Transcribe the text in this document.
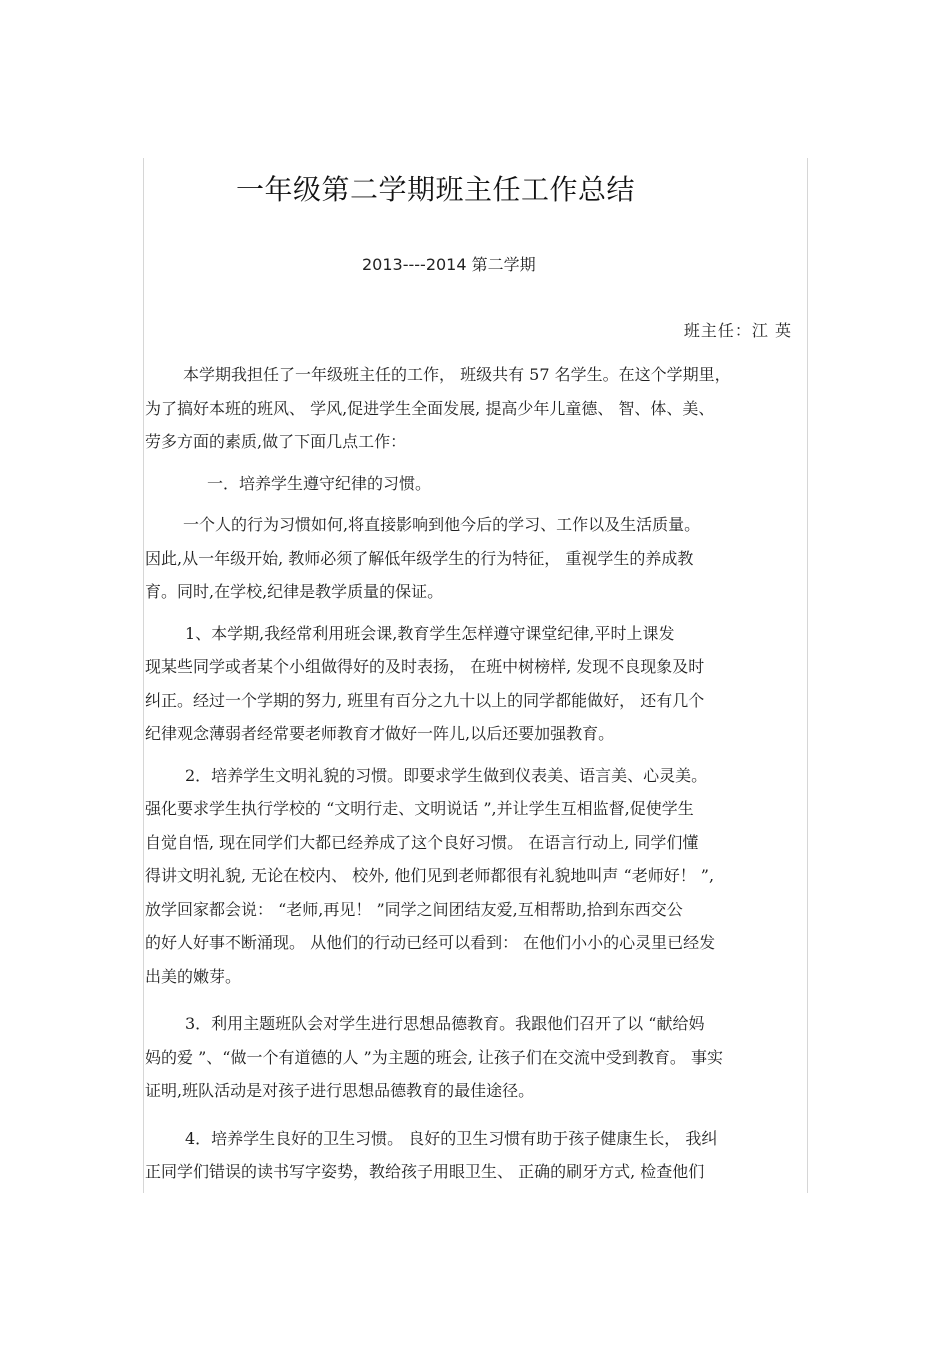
一年级第二学期班主任工作总结
2013----2014 第二学期
班主任：江 英
本学期我担任了一年级班主任的工作， 班级共有 57 名学生。在这个学期里，
为了搞好本班的班风、 学风,促进学生全面发展, 提高少年儿童德、 智、体、美、
劳多方面的素质,做了下面几点工作：
一．培养学生遵守纪律的习惯。
一个人的行为习惯如何,将直接影响到他今后的学习、工作以及生活质量。
因此,从一年级开始, 教师必须了解低年级学生的行为特征， 重视学生的养成教
育。同时,在学校,纪律是教学质量的保证。
1、本学期,我经常利用班会课,教育学生怎样遵守课堂纪律,平时上课发
现某些同学或者某个小组做得好的及时表扬， 在班中树榜样, 发现不良现象及时
纠正。经过一个学期的努力, 班里有百分之九十以上的同学都能做好， 还有几个
纪律观念薄弱者经常要老师教育才做好一阵儿,以后还要加强教育。
2．培养学生文明礼貌的习惯。即要求学生做到仪表美、语言美、心灵美。
强化要求学生执行学校的 “文明行走、文明说话 ”,并让学生互相监督,促使学生
自觉自悟, 现在同学们大都已经养成了这个良好习惯。 在语言行动上, 同学们懂
得讲文明礼貌, 无论在校内、 校外, 他们见到老师都很有礼貌地叫声 “老师好！ ”,
放学回家都会说： “老师,再见！ ”同学之间团结友爱,互相帮助,拾到东西交公
的好人好事不断涌现。 从他们的行动已经可以看到： 在他们小小的心灵里已经发
出美的嫩芽。
3．利用主题班队会对学生进行思想品德教育。我跟他们召开了以 “献给妈
妈的爱 ”、“做一个有道德的人 ”为主题的班会, 让孩子们在交流中受到教育。 事实
证明,班队活动是对孩子进行思想品德教育的最佳途径。
4．培养学生良好的卫生习惯。 良好的卫生习惯有助于孩子健康生长， 我纠
正同学们错误的读书写字姿势，教给孩子用眼卫生、 正确的刷牙方式, 检查他们
